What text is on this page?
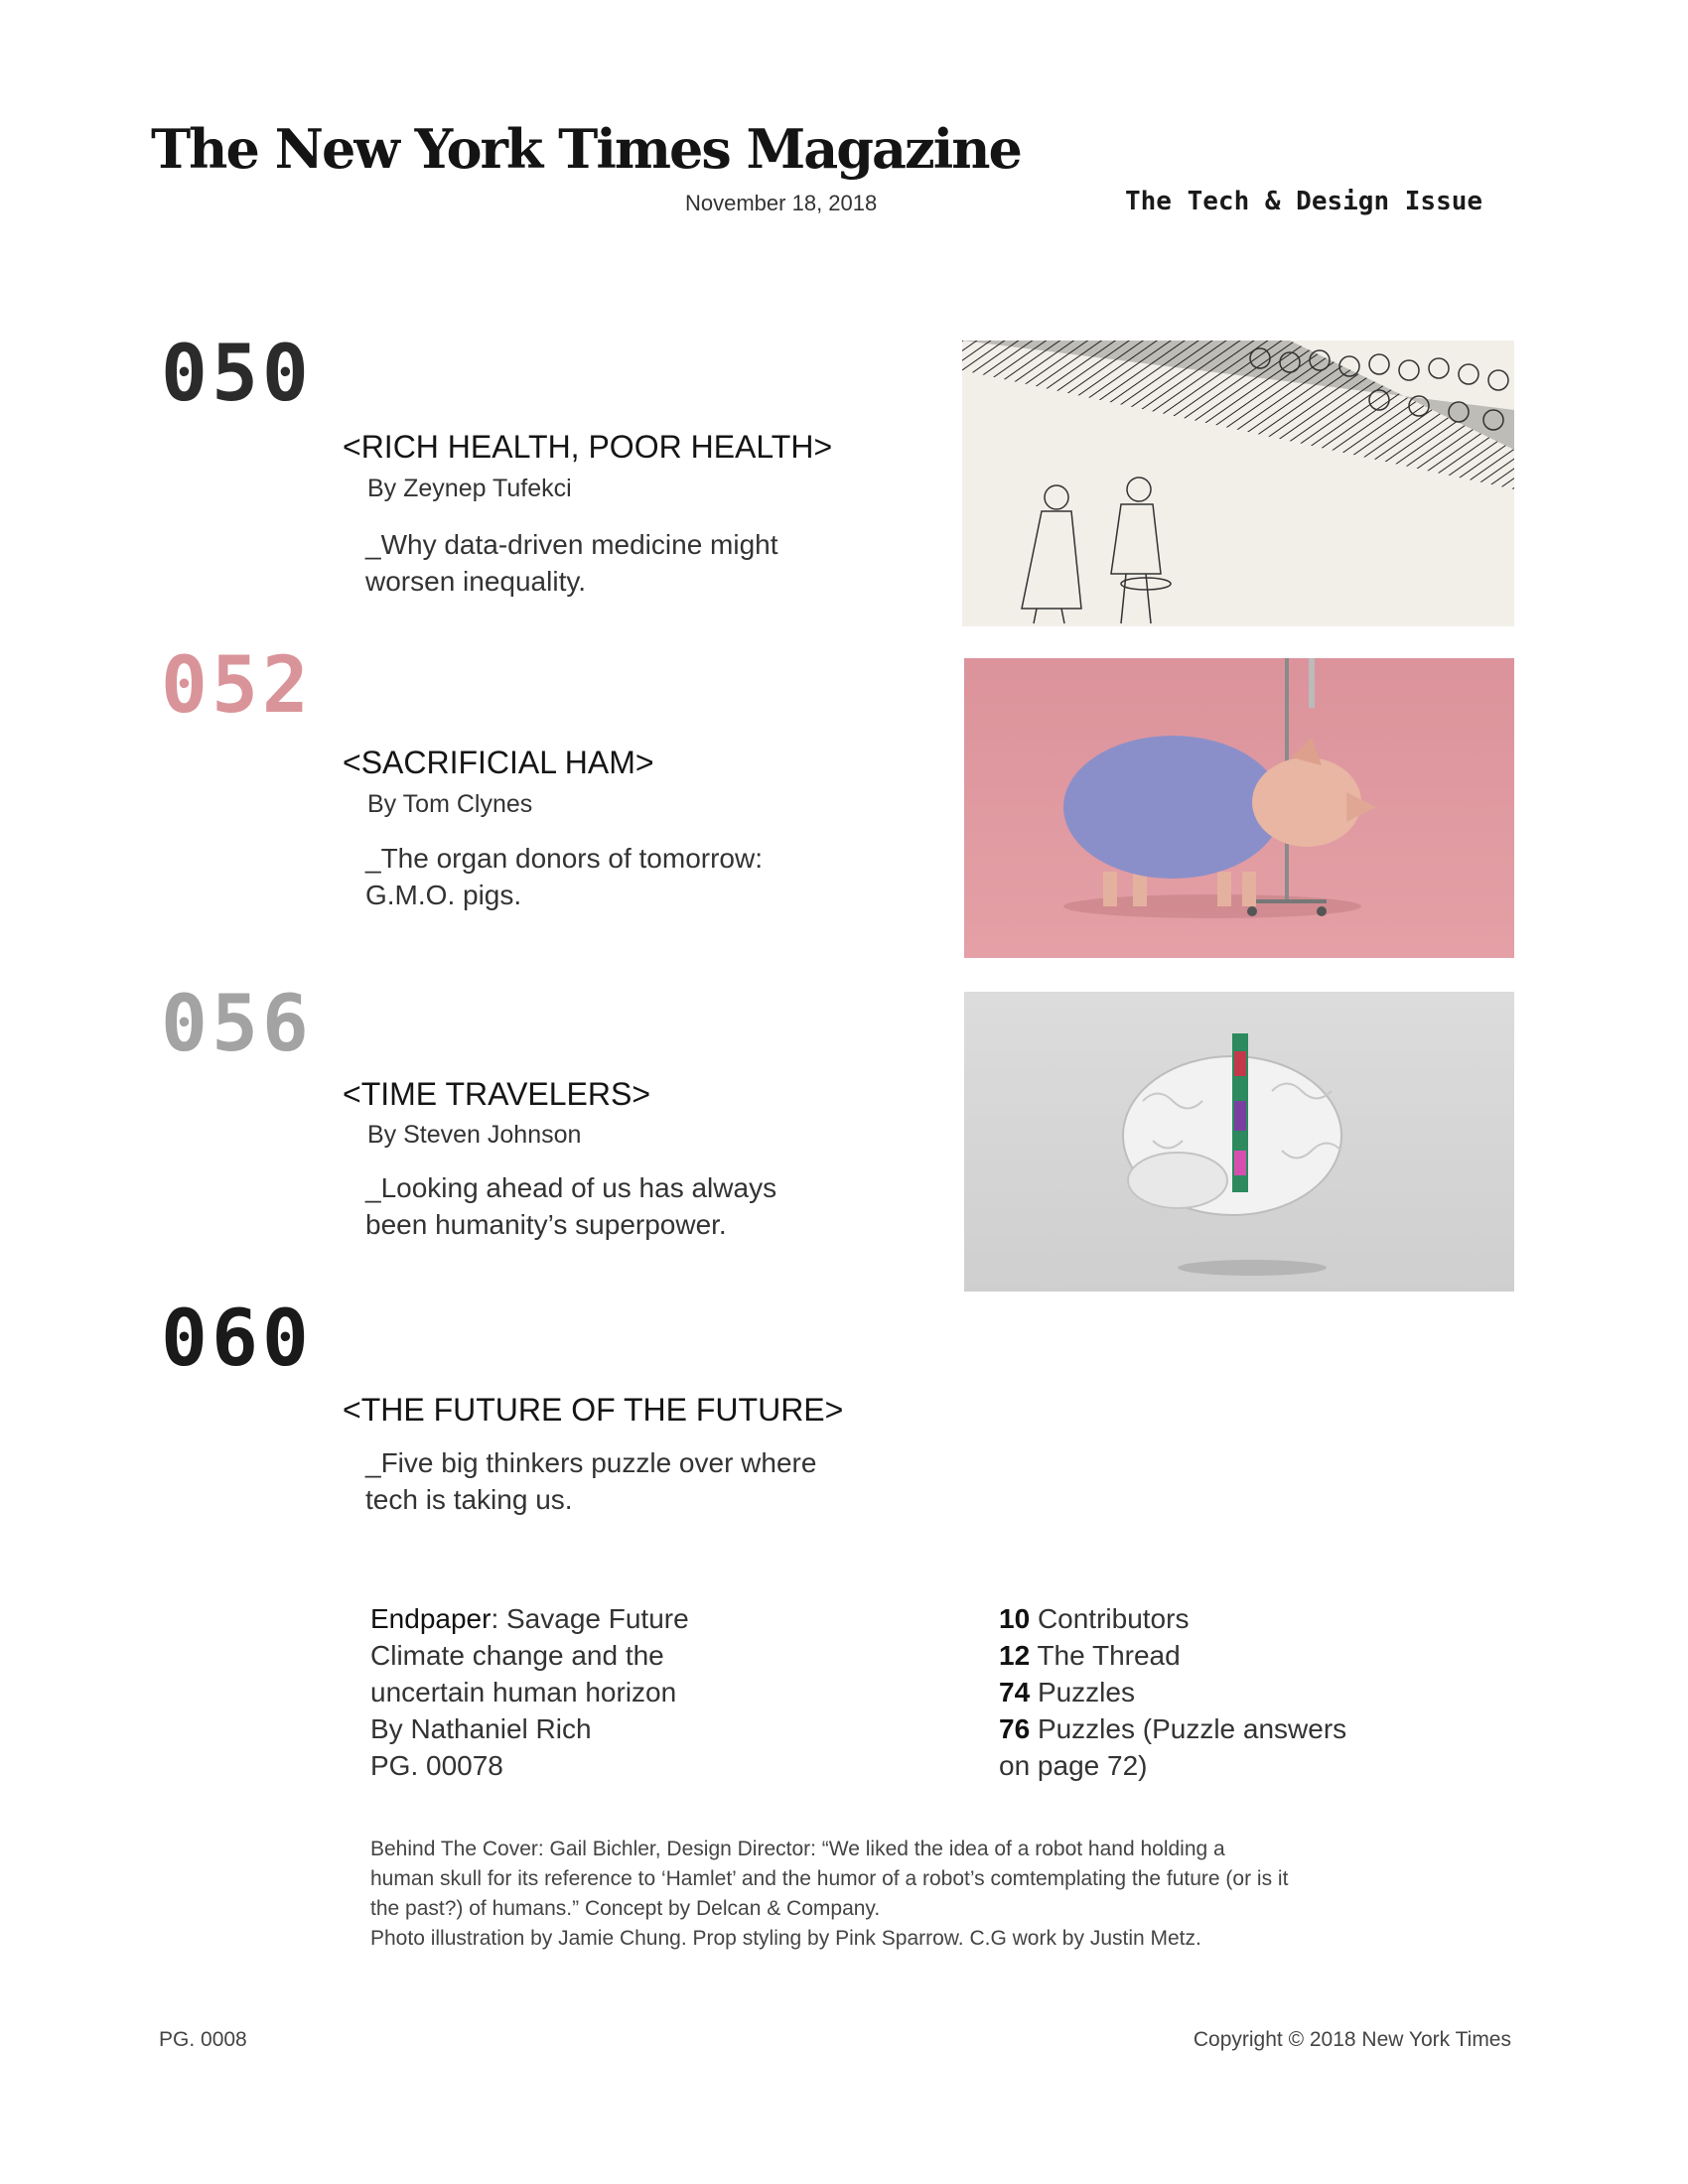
The New York Times Magazine
November 18, 2018	The Tech & Design Issue
050
<RICH HEALTH, POOR HEALTH>
By Zeynep Tufekci

_Why data-driven medicine might worsen inequality.

052
<SACRIFICIAL HAM>
By Tom Clynes

_The organ donors of tomorrow: G.M.O. pigs.

056
<TIME TRAVELERS>
By Steven Johnson

_Looking ahead of us has always been humanity’s superpower.

060
<THE FUTURE OF THE FUTURE>

_Five big thinkers puzzle over where tech is taking us.

Endpaper: Savage Future
Climate change and the
uncertain human horizon
By Nathaniel Rich
PG. 00078
10 Contributors
12 The Thread
74 Puzzles
76 Puzzles (Puzzle answers on page 72)
Behind The Cover: Gail Bichler, Design Director: “We liked the idea of a robot hand holding a human skull for its reference to ‘Hamlet’ and the humor of a robot’s comtemplating the future (or is it the past?) of humans.” Concept by Delcan & Company.
Photo illustration by Jamie Chung. Prop styling by Pink Sparrow. C.G work by Justin Metz.
PG. 0008	Copyright © 2018 New York Times
